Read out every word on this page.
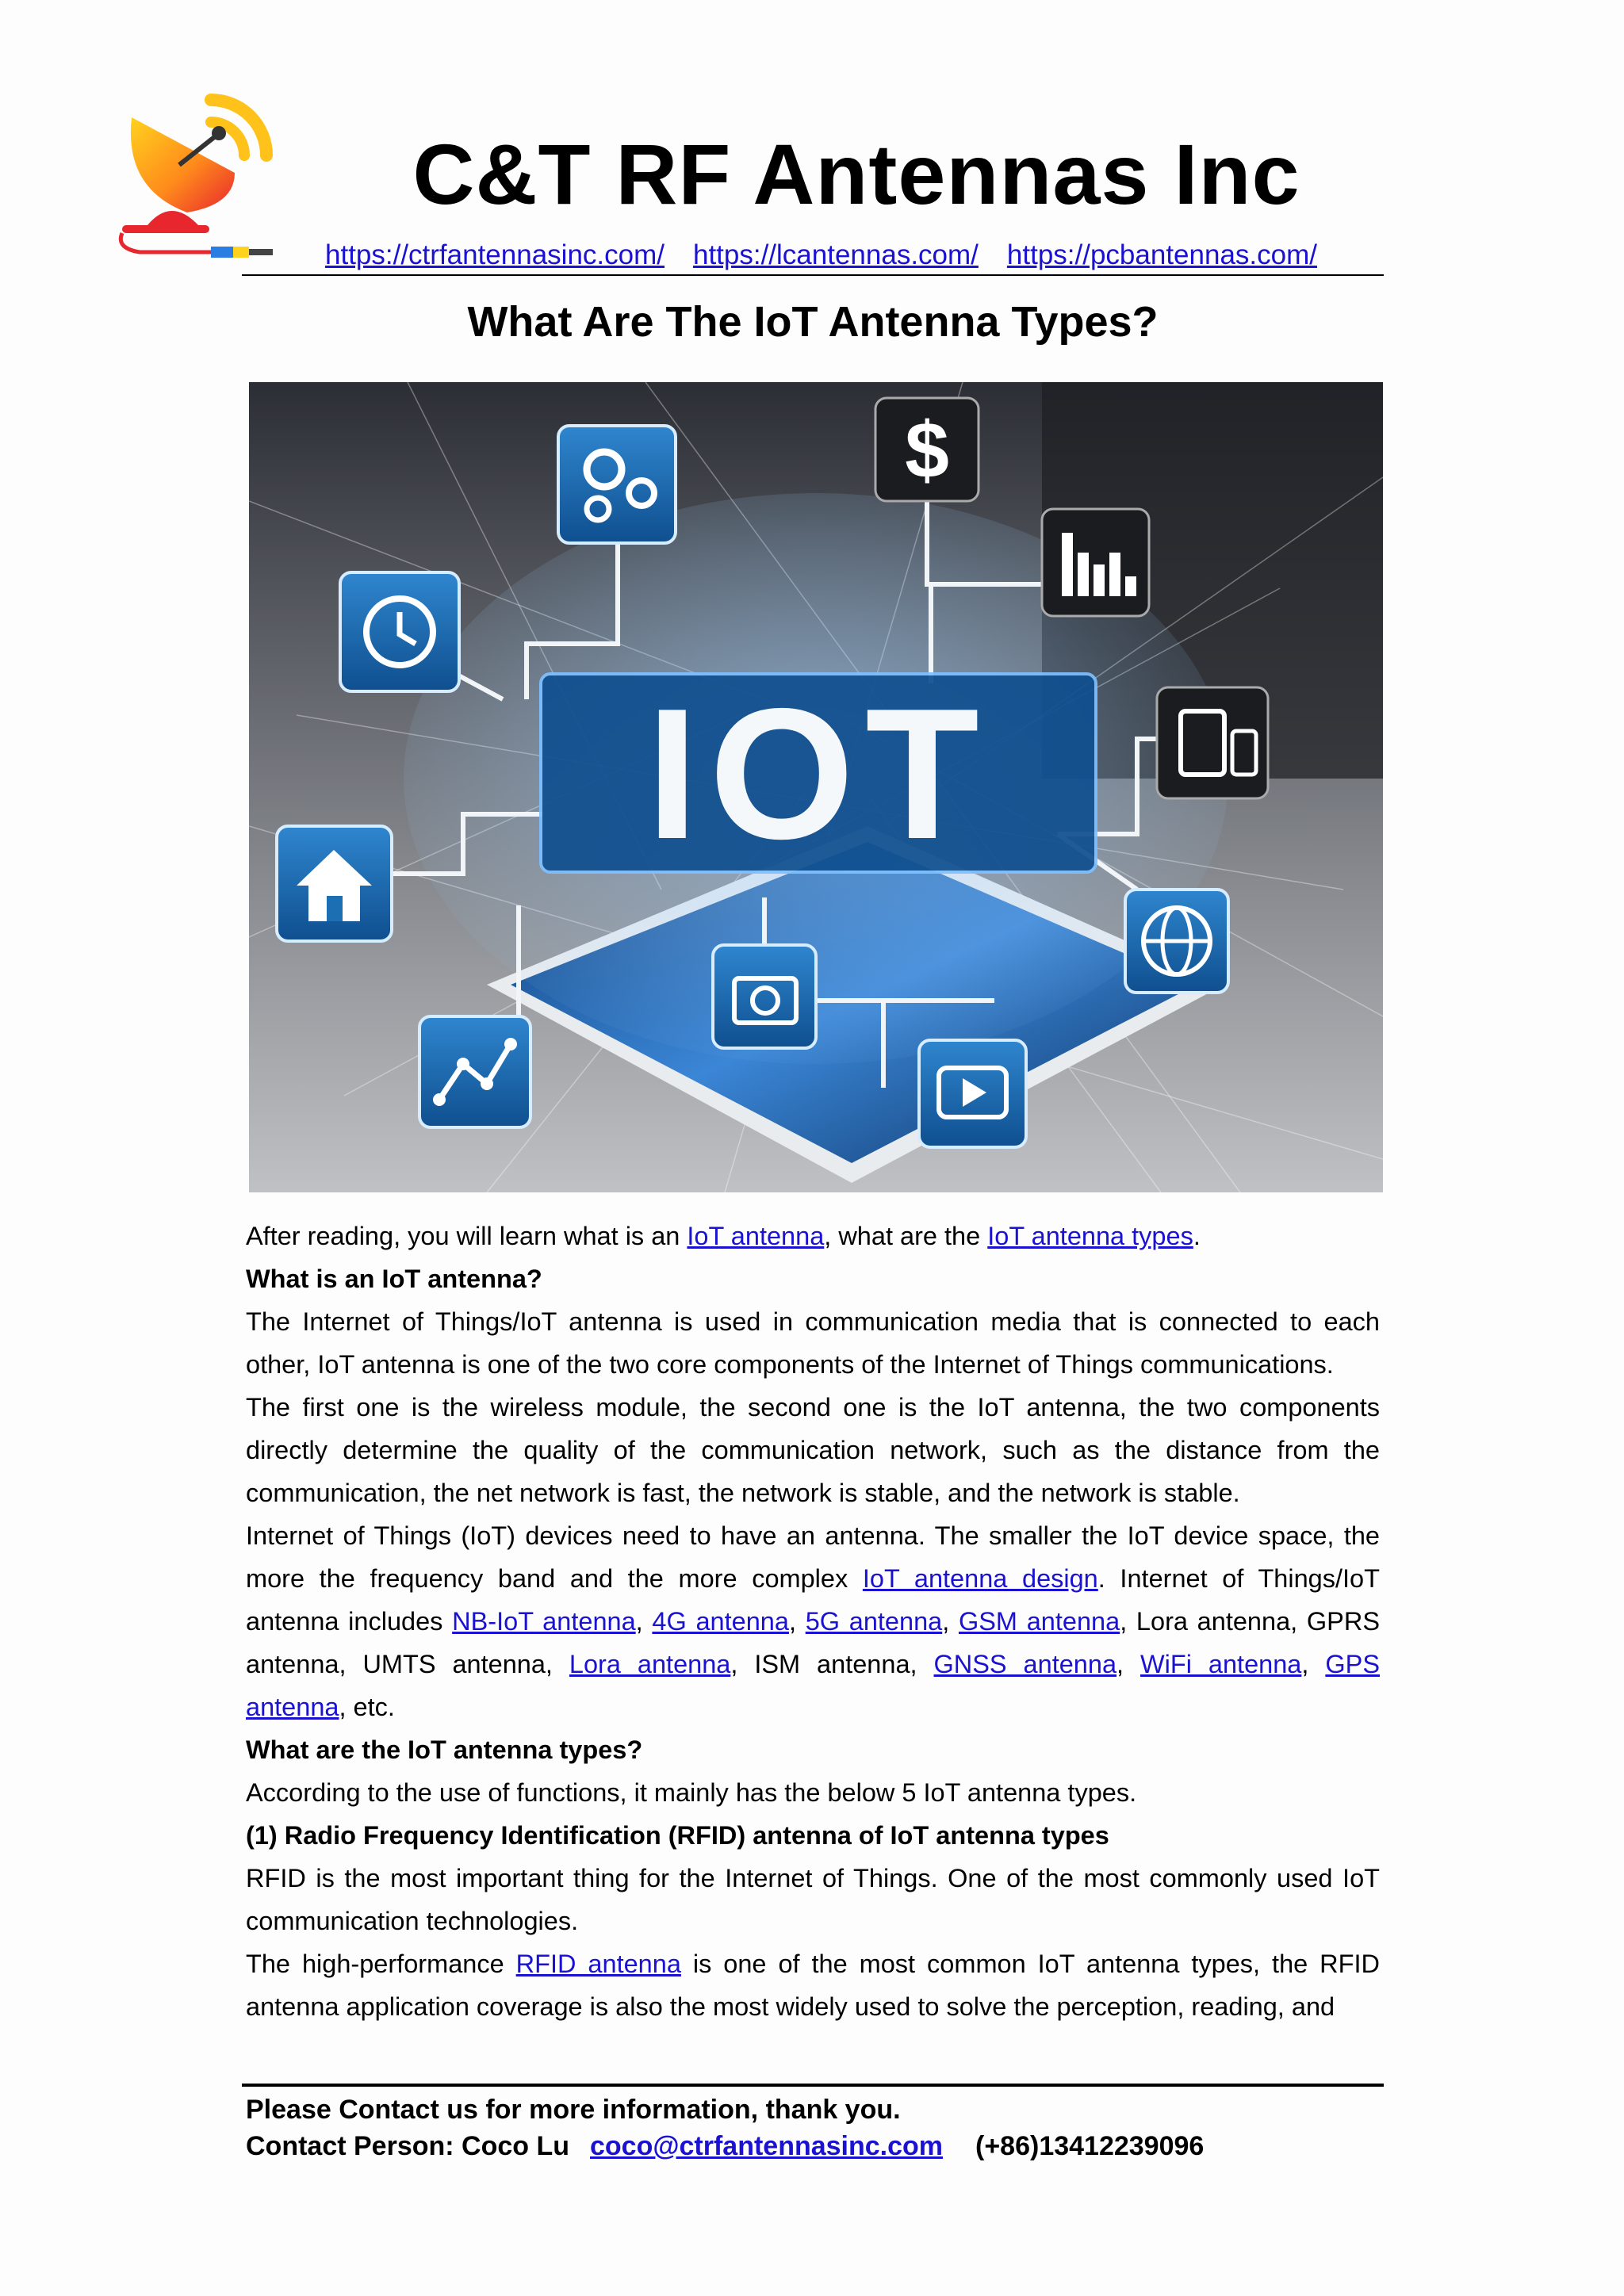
C&T RF Antennas Inc
https://ctrfantennasinc.com/ https://lcantennas.com/ https://pcbantennas.com/
What Are The IoT Antenna Types?
IOT
$

After reading, you will learn what is an IoT antenna, what are the IoT antenna types.

What is an IoT antenna?

The Internet of Things/IoT antenna is used in communication media that is connected to each other, IoT antenna is one of the two core components of the Internet of Things communications.

The first one is the wireless module, the second one is the IoT antenna, the two components directly determine the quality of the communication network, such as the distance from the communication, the net network is fast, the network is stable, and the network is stable.

Internet of Things (IoT) devices need to have an antenna. The smaller the IoT device space, the more the frequency band and the more complex IoT antenna design. Internet of Things/IoT antenna includes NB-IoT antenna, 4G antenna, 5G antenna, GSM antenna, Lora antenna, GPRS antenna, UMTS antenna, Lora antenna, ISM antenna, GNSS antenna, WiFi antenna, GPS antenna, etc.

What are the IoT antenna types?

According to the use of functions, it mainly has the below 5 IoT antenna types.

(1) Radio Frequency Identification (RFID) antenna of IoT antenna types

RFID is the most important thing for the Internet of Things. One of the most commonly used IoT communication technologies.

The high-performance RFID antenna is one of the most common IoT antenna types, the RFID antenna application coverage is also the most widely used to solve the perception, reading, and

Please Contact us for more information, thank you.
Contact Person: Coco Lu coco@ctrfantennasinc.com (+86)13412239096
